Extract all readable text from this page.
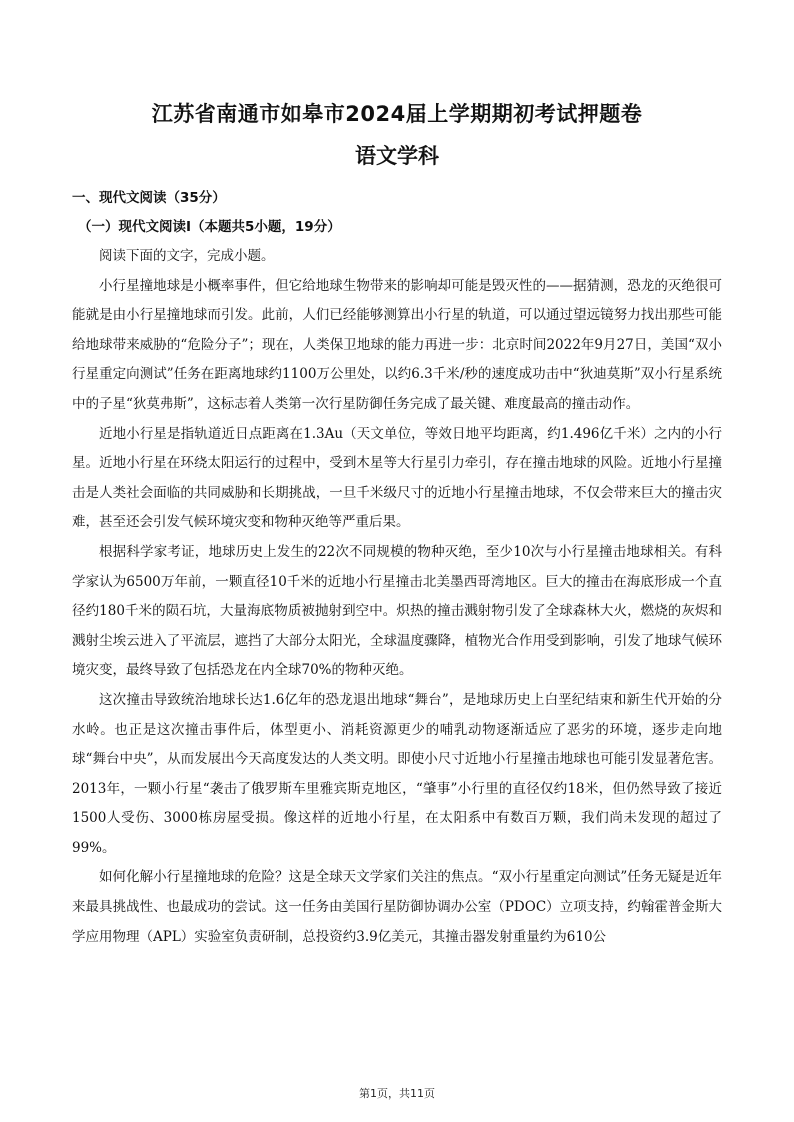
江苏省南通市如皋市2024届上学期期初考试押题卷
语文学科

一、现代文阅读（35分）

（一）现代文阅读Ⅰ（本题共5小题，19分）

阅读下面的文字，完成小题。

小行星撞地球是小概率事件，但它给地球生物带来的影响却可能是毁灭性的——据猜测，恐龙的灭绝很可能就是由小行星撞地球而引发。此前，人们已经能够测算出小行星的轨道，可以通过望远镜努力找出那些可能给地球带来威胁的“危险分子”；现在，人类保卫地球的能力再进一步：北京时间2022年9月27日，美国“双小行星重定向测试”任务在距离地球约1100万公里处，以约6.3千米/秒的速度成功击中“狄迪莫斯”双小行星系统中的子星“狄莫弗斯”，这标志着人类第一次行星防御任务完成了最关键、难度最高的撞击动作。

近地小行星是指轨道近日点距离在1.3Au（天文单位，等效日地平均距离，约1.496亿千米）之内的小行星。近地小行星在环绕太阳运行的过程中，受到木星等大行星引力牵引，存在撞击地球的风险。近地小行星撞击是人类社会面临的共同威胁和长期挑战，一旦千米级尺寸的近地小行星撞击地球，不仅会带来巨大的撞击灾难，甚至还会引发气候环境灾变和物种灭绝等严重后果。

根据科学家考证，地球历史上发生的22次不同规模的物种灭绝，至少10次与小行星撞击地球相关。有科学家认为6500万年前，一颗直径10千米的近地小行星撞击北美墨西哥湾地区。巨大的撞击在海底形成一个直径约180千米的陨石坑，大量海底物质被抛射到空中。炽热的撞击溅射物引发了全球森林大火，燃烧的灰烬和溅射尘埃云进入了平流层，遮挡了大部分太阳光，全球温度骤降，植物光合作用受到影响，引发了地球气候环境灾变，最终导致了包括恐龙在内全球70%的物种灭绝。

这次撞击导致统治地球长达1.6亿年的恐龙退出地球“舞台”，是地球历史上白垩纪结束和新生代开始的分水岭。也正是这次撞击事件后，体型更小、消耗资源更少的哺乳动物逐渐适应了恶劣的环境，逐步走向地球“舞台中央”，从而发展出今天高度发达的人类文明。即使小尺寸近地小行星撞击地球也可能引发显著危害。2013年，一颗小行星“袭击了俄罗斯车里雅宾斯克地区，“肇事”小行里的直径仅约18米，但仍然导致了接近1500人受伤、3000栋房屋受损。像这样的近地小行星，在太阳系中有数百万颗，我们尚未发现的超过了99%。

如何化解小行星撞地球的危险？这是全球天文学家们关注的焦点。“双小行星重定向测试”任务无疑是近年来最具挑战性、也最成功的尝试。这一任务由美国行星防御协调办公室（PDOC）立项支持，约翰霍普金斯大学应用物理（APL）实验室负责研制，总投资约3.9亿美元，其撞击器发射重量约为610公

第1页，共11页
